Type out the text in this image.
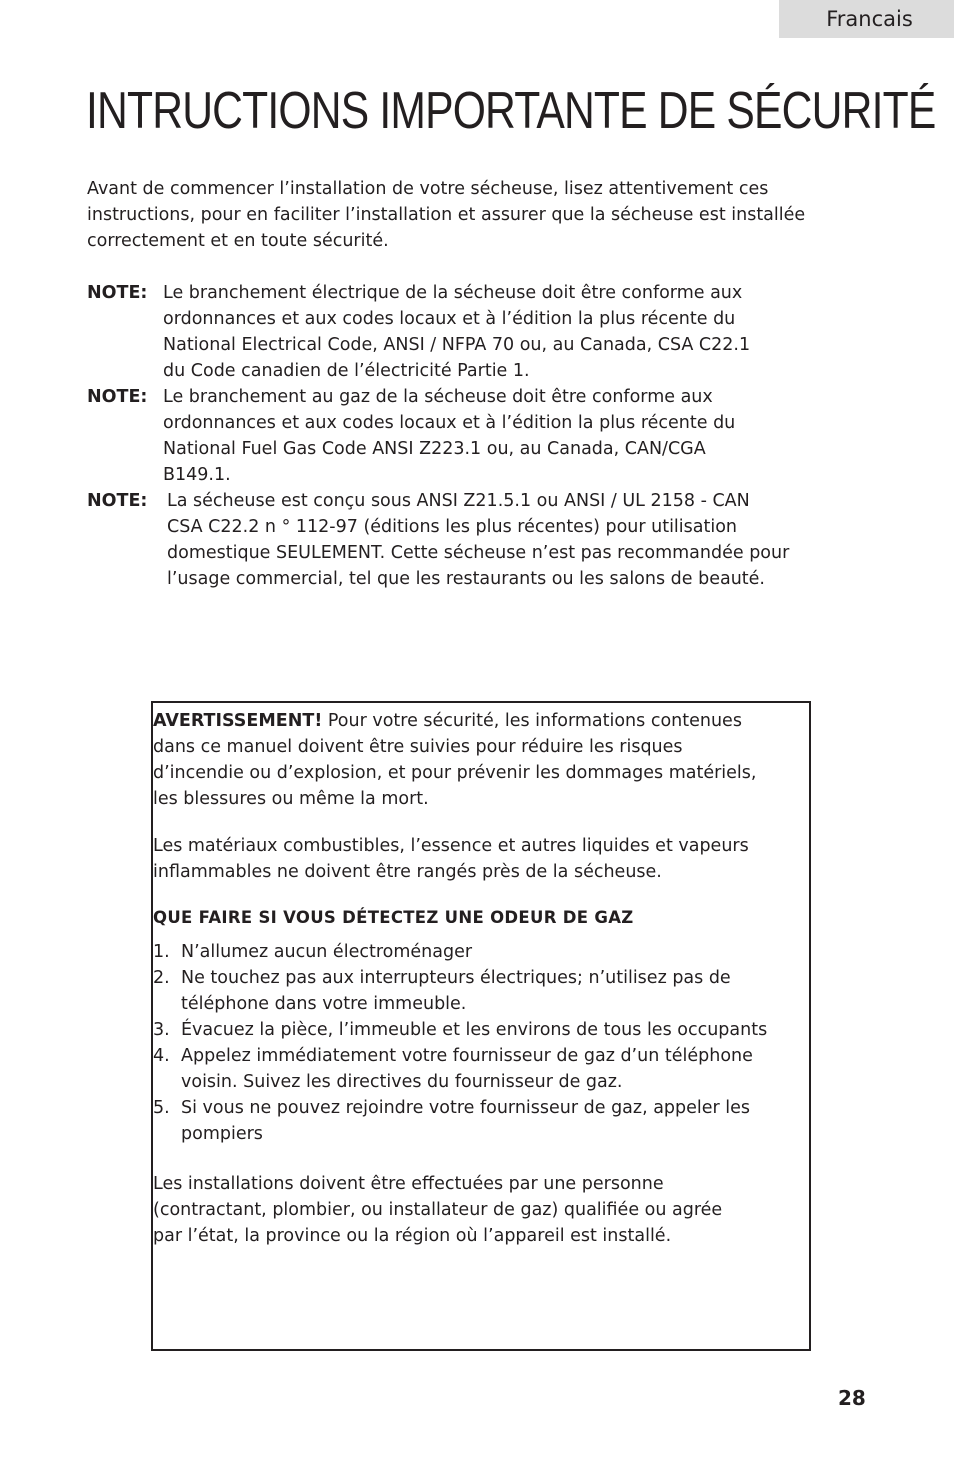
Francais
INTRUCTIONS IMPORTANTE DE SÉCURITÉ

Avant de commencer l’installation de votre sécheuse, lisez attentivement ces
instructions, pour en faciliter l’installation et assurer que la sécheuse est installée
correctement et en toute sécurité.

NOTE: Le branchement électrique de la sécheuse doit être conforme aux
ordonnances et aux codes locaux et à l’édition la plus récente du
National Electrical Code, ANSI / NFPA 70 ou, au Canada, CSA C22.1
du Code canadien de l’électricité Partie 1.
NOTE: Le branchement au gaz de la sécheuse doit être conforme aux
ordonnances et aux codes locaux et à l’édition la plus récente du
National Fuel Gas Code ANSI Z223.1 ou, au Canada, CAN/CGA
B149.1.
NOTE: La sécheuse est conçu sous ANSI Z21.5.1 ou ANSI / UL 2158 - CAN
CSA C22.2 n ° 112-97 (éditions les plus récentes) pour utilisation
domestique SEULEMENT. Cette sécheuse n’est pas recommandée pour
l’usage commercial, tel que les restaurants ou les salons de beauté.

AVERTISSEMENT! Pour votre sécurité, les informations contenues
dans ce manuel doivent être suivies pour réduire les risques
d’incendie ou d’explosion, et pour prévenir les dommages matériels,
les blessures ou même la mort.

Les matériaux combustibles, l’essence et autres liquides et vapeurs
inflammables ne doivent être rangés près de la sécheuse.

QUE FAIRE SI VOUS DÉTECTEZ UNE ODEUR DE GAZ
1. N’allumez aucun électroménager
2. Ne touchez pas aux interrupteurs électriques; n’utilisez pas de
téléphone dans votre immeuble.
3. Évacuez la pièce, l’immeuble et les environs de tous les occupants
4. Appelez immédiatement votre fournisseur de gaz d’un téléphone
voisin. Suivez les directives du fournisseur de gaz.
5. Si vous ne pouvez rejoindre votre fournisseur de gaz, appeler les
pompiers

Les installations doivent être effectuées par une personne
(contractant, plombier, ou installateur de gaz) qualifiée ou agrée
par l’état, la province ou la région où l’appareil est installé.

28
